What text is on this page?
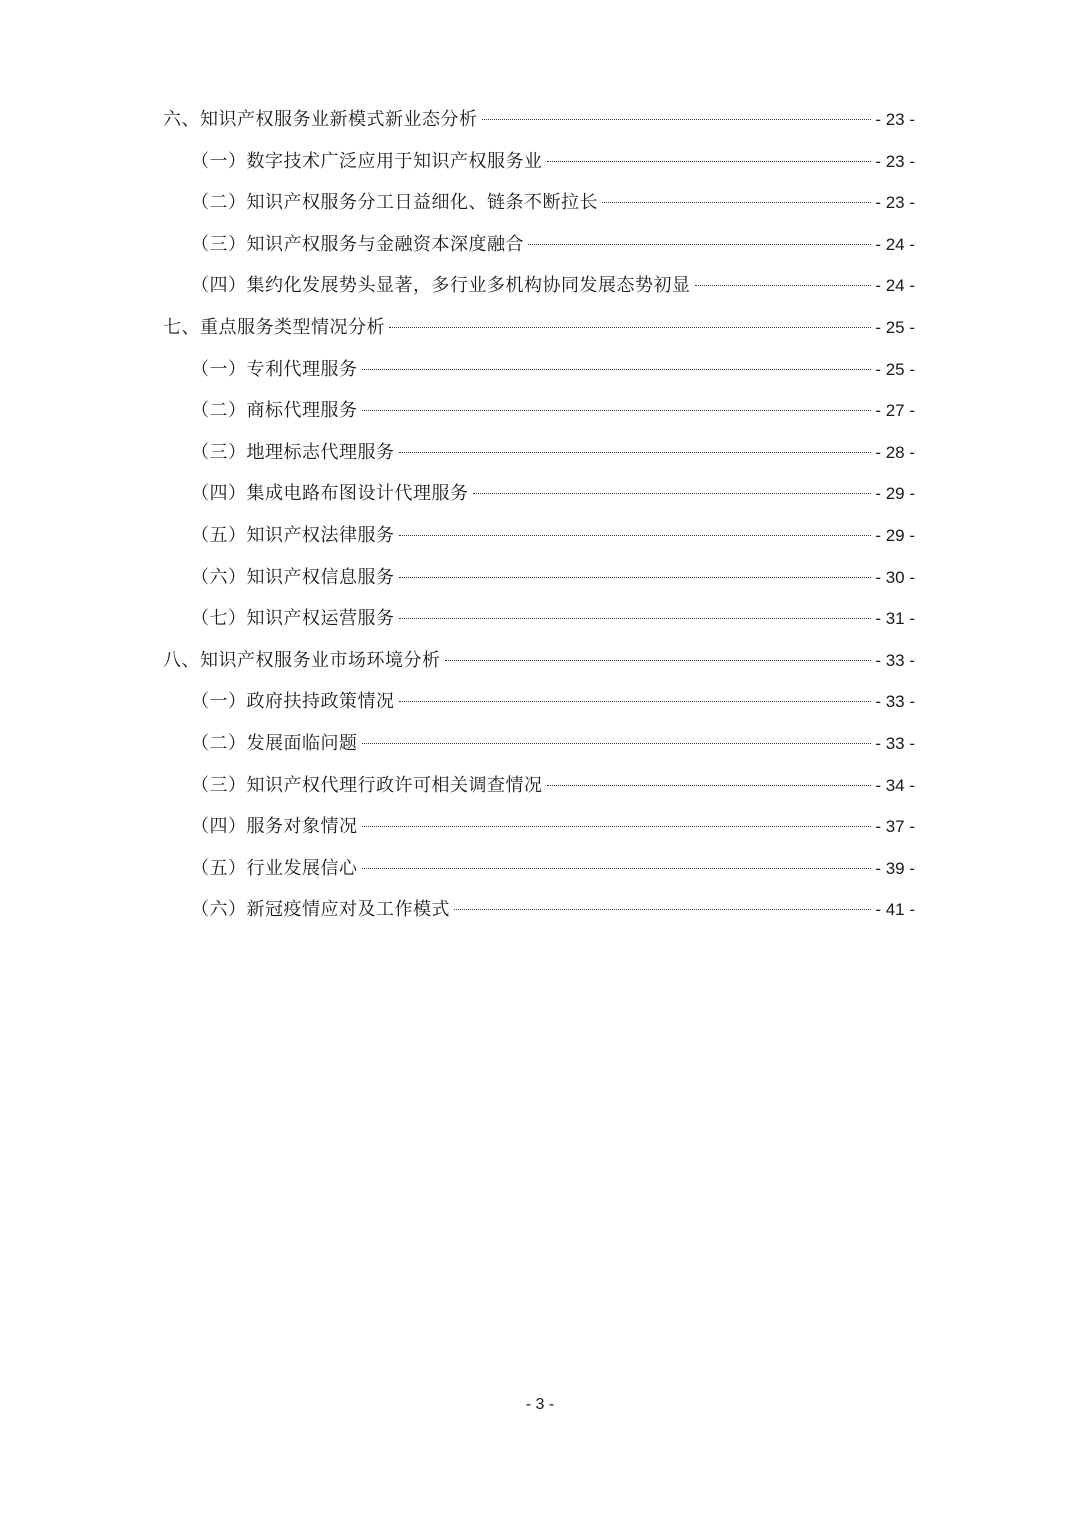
六、知识产权服务业新模式新业态分析	- 23 -
（一）数字技术广泛应用于知识产权服务业	- 23 -
（二）知识产权服务分工日益细化、链条不断拉长	- 23 -
（三）知识产权服务与金融资本深度融合	- 24 -
（四）集约化发展势头显著，多行业多机构协同发展态势初显	- 24 -
七、重点服务类型情况分析	- 25 -
（一）专利代理服务	- 25 -
（二）商标代理服务	- 27 -
（三）地理标志代理服务	- 28 -
（四）集成电路布图设计代理服务	- 29 -
（五）知识产权法律服务	- 29 -
（六）知识产权信息服务	- 30 -
（七）知识产权运营服务	- 31 -
八、知识产权服务业市场环境分析	- 33 -
（一）政府扶持政策情况	- 33 -
（二）发展面临问题	- 33 -
（三）知识产权代理行政许可相关调查情况	- 34 -
（四）服务对象情况	- 37 -
（五）行业发展信心	- 39 -
（六）新冠疫情应对及工作模式	- 41 -
- 3 -
